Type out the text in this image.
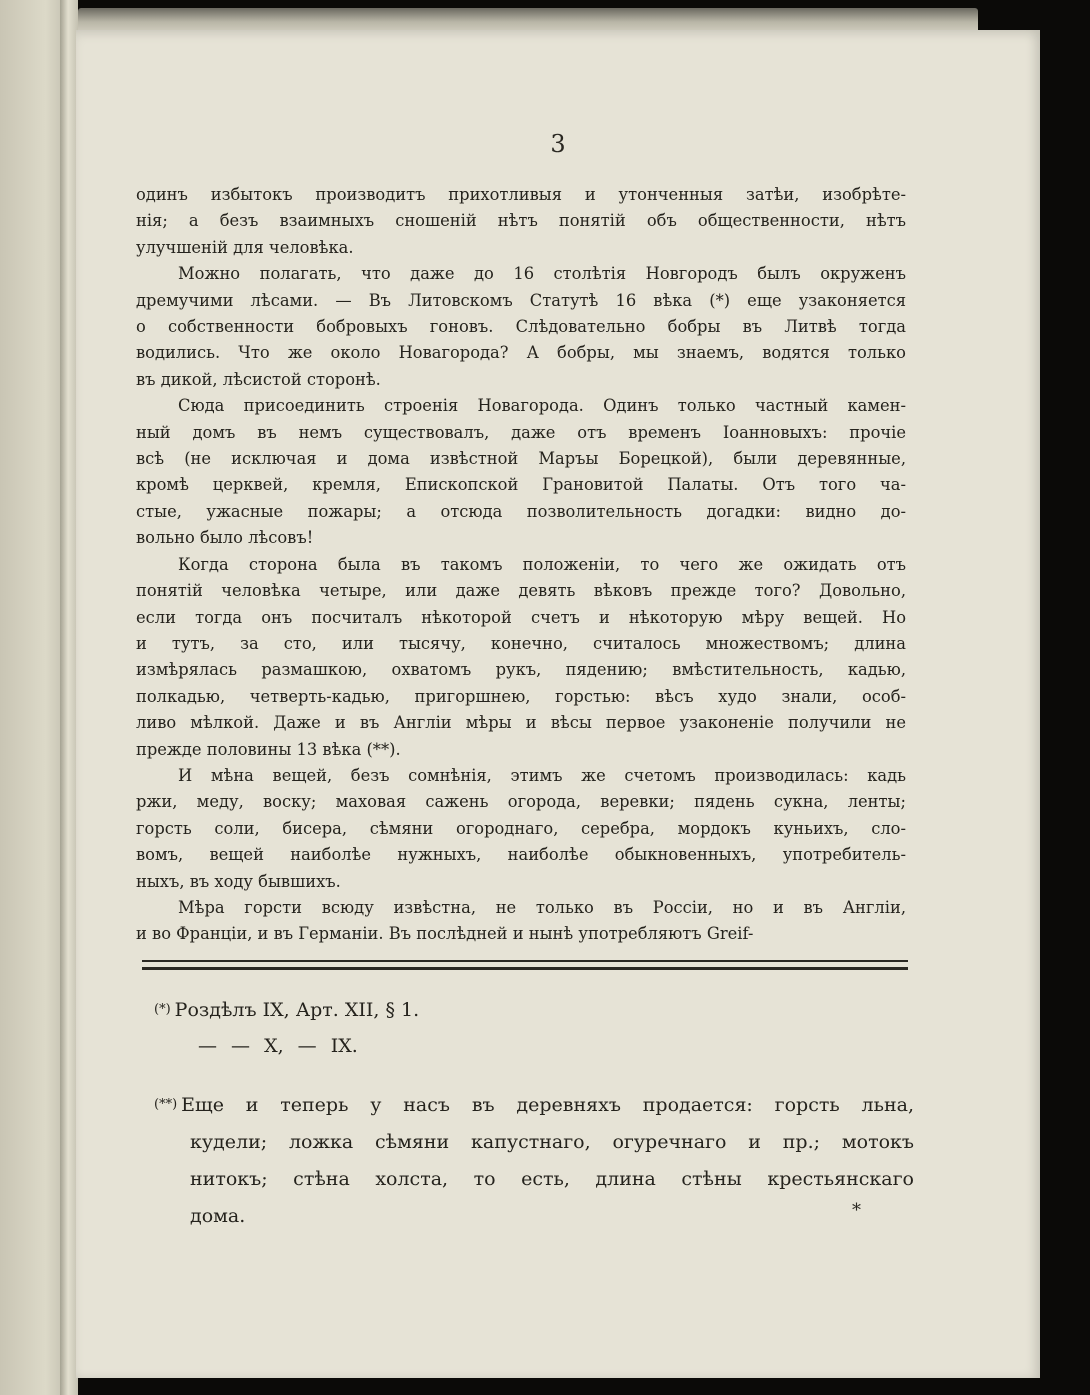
3
одинъ избытокъ производитъ прихотливыя и утонченныя затѣи, изобрѣте-
нія; а безъ взаимныхъ сношеній нѣтъ понятій объ общественности, нѣтъ
улучшеній для человѣка.
Можно полагать, что даже до 16 столѣтія Новгородъ былъ окруженъ
дремучими лѣсами. — Въ Литовскомъ Статутѣ 16 вѣка (*) еще узаконяется
о собственности бобровыхъ гоновъ. Слѣдовательно бобры въ Литвѣ тогда
водились. Что же около Новагорода? А бобры, мы знаемъ, водятся только
въ дикой, лѣсистой сторонѣ.
Сюда присоединить строенія Новагорода. Одинъ только частный камен-
ный домъ въ немъ существовалъ, даже отъ временъ Іоанновыхъ: прочіе
всѣ (не исключая и дома извѣстной Маръы Борецкой), были деревянные,
кромѣ церквей, кремля, Епископской Грановитой Палаты. Отъ того ча-
стые, ужасные пожары; а отсюда позволительность догадки: видно до-
вольно было лѣсовъ!
Когда сторона была въ такомъ положеніи, то чего же ожидать отъ
понятій человѣка четыре, или даже девять вѣковъ прежде того? Довольно,
если тогда онъ посчиталъ нѣкоторой счетъ и нѣкоторую мѣру вещей. Но
и тутъ, за сто, или тысячу, конечно, считалось множествомъ; длина
измѣрялась размашкою, охватомъ рукъ, пядению; вмѣстительность, кадью,
полкадью, четверть-кадью, пригоршнею, горстью: вѣсъ худо знали, особ-
ливо мѣлкой. Даже и въ Англіи мѣры и вѣсы первое узаконеніе получили не
прежде половины 13 вѣка (**).
И мѣна вещей, безъ сомнѣнія, этимъ же счетомъ производилась: кадь
ржи, меду, воску; маховая сажень огорода, веревки; пядень сукна, ленты;
горсть соли, бисера, сѣмяни огороднаго, серебра, мордокъ куньихъ, сло-
вомъ, вещей наиболѣе нужныхъ, наиболѣе обыкновенныхъ, употребитель-
ныхъ, въ ходу бывшихъ.
Мѣра горсти всюду извѣстна, не только въ Россіи, но и въ Англіи,
и во Франціи, и въ Германіи. Въ послѣдней и нынѣ употребляютъ Greif-
(*) Роздѣлъ IX, Арт. XII, § 1.
— — X, — IX.
(**) Еще и теперь у насъ въ деревняхъ продается: горсть льна,
кудели; ложка сѣмяни капустнаго, огуречнаго и пр.; мотокъ
нитокъ; стѣна холста, то есть, длина стѣны крестьянскаго
дома.	*
